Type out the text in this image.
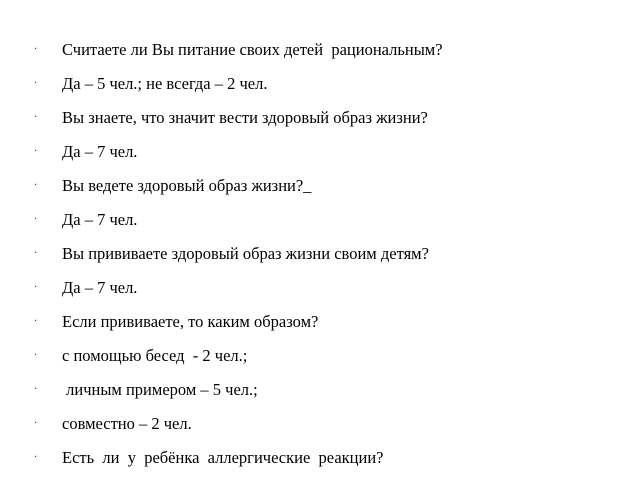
· Считаете ли Вы питание своих детей  рациональным?
· Да – 5 чел.; не всегда – 2 чел.
· Вы знаете, что значит вести здоровый образ жизни?
· Да – 7 чел.
· Вы ведете здоровый образ жизни?_
· Да – 7 чел.
· Вы прививаете здоровый образ жизни своим детям?
· Да – 7 чел.
· Если прививаете, то каким образом?
· с помощью бесед  - 2 чел.;
· личным примером – 5 чел.;
· совместно – 2 чел.
· Есть  ли  у  ребёнка  аллергические  реакции?
